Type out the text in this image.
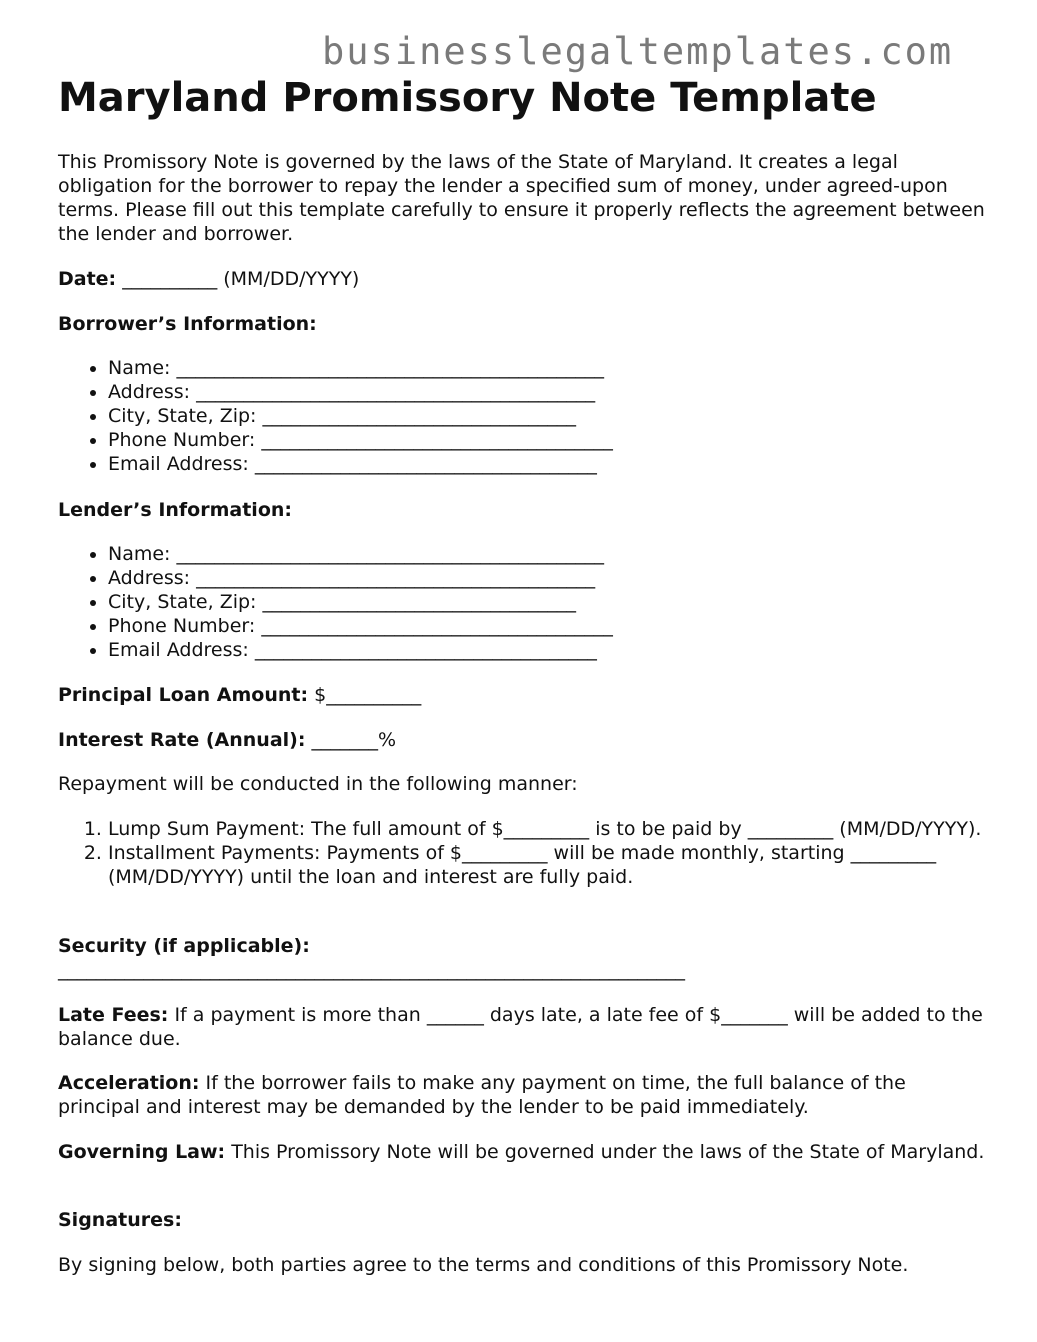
businesslegaltemplates.com
Maryland Promissory Note Template

This Promissory Note is governed by the laws of the State of Maryland. It creates a legal obligation for the borrower to repay the lender a specified sum of money, under agreed-upon terms. Please fill out this template carefully to ensure it properly reflects the agreement between the lender and borrower.

Date: __________ (MM/DD/YYYY)

Borrower’s Information:

• Name: _____________________________________________
• Address: __________________________________________
• City, State, Zip: _________________________________
• Phone Number: _____________________________________
• Email Address: ____________________________________

Lender’s Information:

• Name: _____________________________________________
• Address: __________________________________________
• City, State, Zip: _________________________________
• Phone Number: _____________________________________
• Email Address: ____________________________________

Principal Loan Amount: $__________

Interest Rate (Annual): _______%

Repayment will be conducted in the following manner:

1. Lump Sum Payment: The full amount of $_________ is to be paid by _________ (MM/DD/YYYY).
2. Installment Payments: Payments of $_________ will be made monthly, starting _________ (MM/DD/YYYY) until the loan and interest are fully paid.

Security (if applicable):

__________________________________________________________________

Late Fees: If a payment is more than ______ days late, a late fee of $_______ will be added to the balance due.

Acceleration: If the borrower fails to make any payment on time, the full balance of the principal and interest may be demanded by the lender to be paid immediately.

Governing Law: This Promissory Note will be governed under the laws of the State of Maryland.

Signatures:

By signing below, both parties agree to the terms and conditions of this Promissory Note.
